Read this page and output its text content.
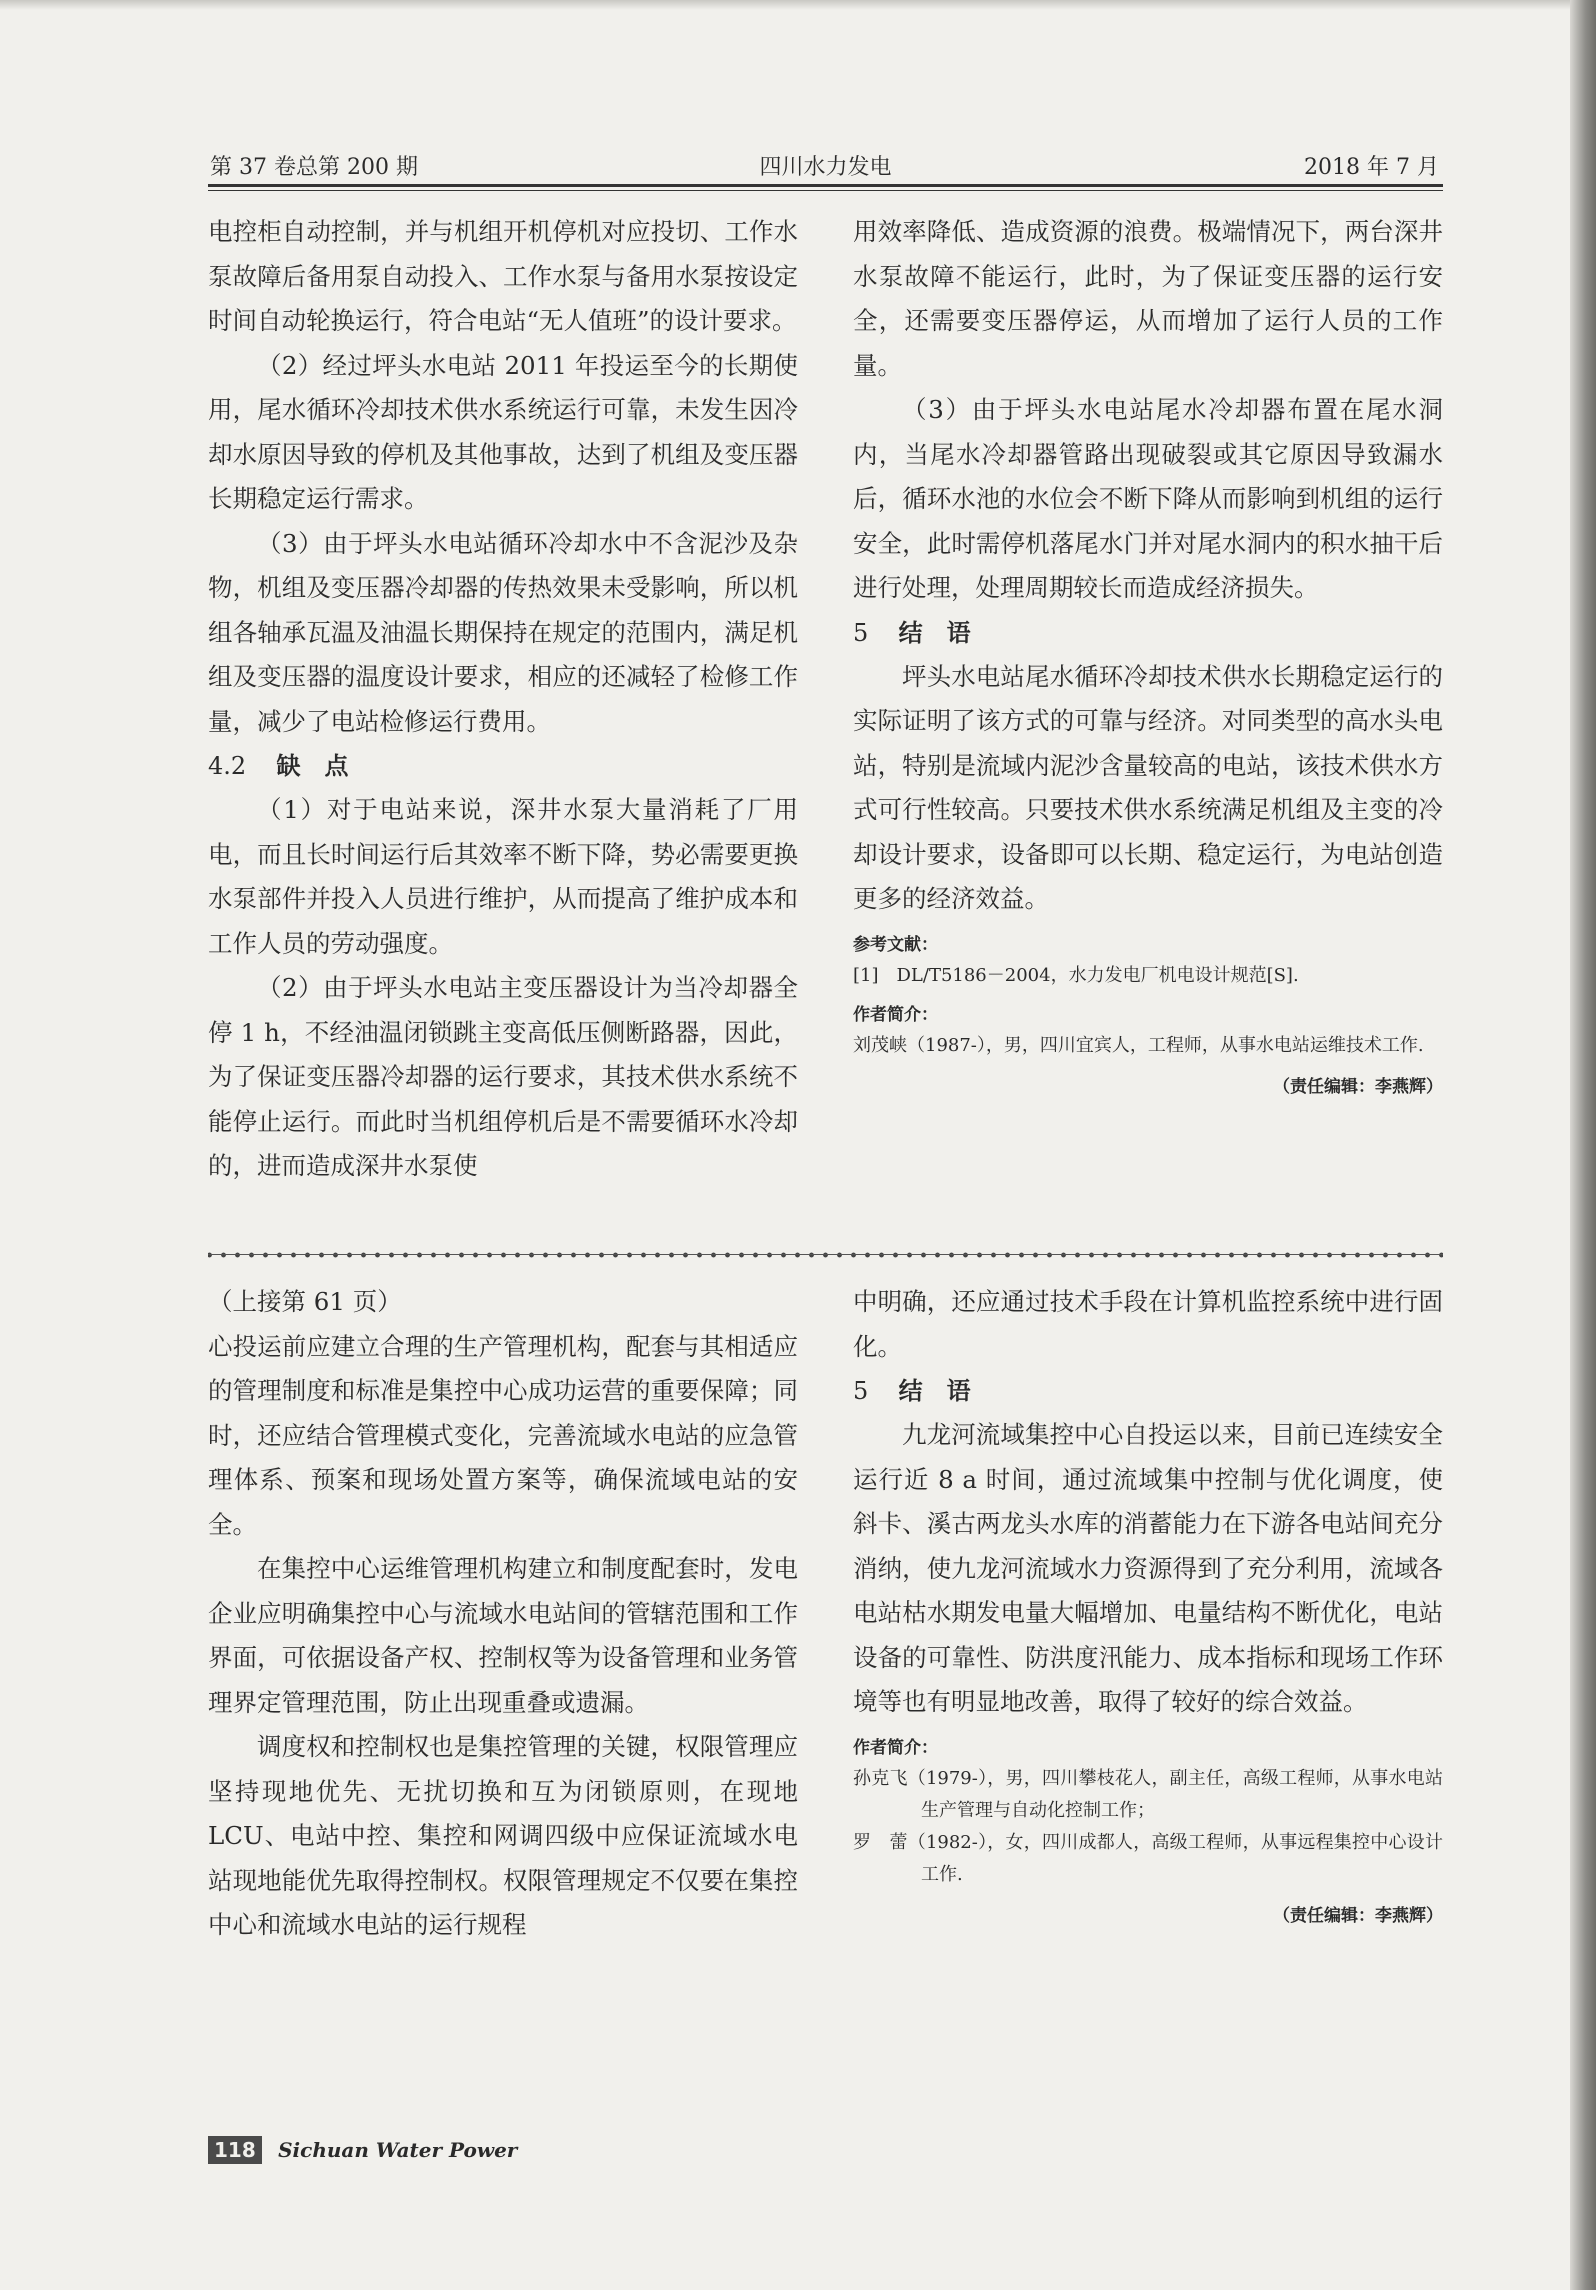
第 37 卷总第 200 期	四川水力发电	2018 年 7 月

电控柜自动控制，并与机组开机停机对应投切、工作水泵故障后备用泵自动投入、工作水泵与备用水泵按设定时间自动轮换运行，符合电站“无人值班”的设计要求。

（2）经过坪头水电站 2011 年投运至今的长期使用，尾水循环冷却技术供水系统运行可靠，未发生因冷却水原因导致的停机及其他事故，达到了机组及变压器长期稳定运行需求。

（3）由于坪头水电站循环冷却水中不含泥沙及杂物，机组及变压器冷却器的传热效果未受影响，所以机组各轴承瓦温及油温长期保持在规定的范围内，满足机组及变压器的温度设计要求，相应的还减轻了检修工作量，减少了电站检修运行费用。

4.2 缺　点

（1）对于电站来说，深井水泵大量消耗了厂用电，而且长时间运行后其效率不断下降，势必需要更换水泵部件并投入人员进行维护，从而提高了维护成本和工作人员的劳动强度。

（2）由于坪头水电站主变压器设计为当冷却器全停 1 h，不经油温闭锁跳主变高低压侧断路器，因此，为了保证变压器冷却器的运行要求，其技术供水系统不能停止运行。而此时当机组停机后是不需要循环水冷却的，进而造成深井水泵使

用效率降低、造成资源的浪费。极端情况下，两台深井水泵故障不能运行，此时，为了保证变压器的运行安全，还需要变压器停运，从而增加了运行人员的工作量。

（3）由于坪头水电站尾水冷却器布置在尾水洞内，当尾水冷却器管路出现破裂或其它原因导致漏水后，循环水池的水位会不断下降从而影响到机组的运行安全，此时需停机落尾水门并对尾水洞内的积水抽干后进行处理，处理周期较长而造成经济损失。

5 结　语

坪头水电站尾水循环冷却技术供水长期稳定运行的实际证明了该方式的可靠与经济。对同类型的高水头电站，特别是流域内泥沙含量较高的电站，该技术供水方式可行性较高。只要技术供水系统满足机组及主变的冷却设计要求，设备即可以长期、稳定运行，为电站创造更多的经济效益。

参考文献：

[1]　DL/T5186－2004，水力发电厂机电设计规范[S].

作者简介：

刘茂峡（1987-），男，四川宜宾人，工程师，从事水电站运维技术工作.

（责任编辑：李燕辉）

（上接第 61 页）

心投运前应建立合理的生产管理机构，配套与其相适应的管理制度和标准是集控中心成功运营的重要保障；同时，还应结合管理模式变化，完善流域水电站的应急管理体系、预案和现场处置方案等，确保流域电站的安全。

在集控中心运维管理机构建立和制度配套时，发电企业应明确集控中心与流域水电站间的管辖范围和工作界面，可依据设备产权、控制权等为设备管理和业务管理界定管理范围，防止出现重叠或遗漏。

调度权和控制权也是集控管理的关键，权限管理应坚持现地优先、无扰切换和互为闭锁原则，在现地 LCU、电站中控、集控和网调四级中应保证流域水电站现地能优先取得控制权。权限管理规定不仅要在集控中心和流域水电站的运行规程

中明确，还应通过技术手段在计算机监控系统中进行固化。

5 结　语

九龙河流域集控中心自投运以来，目前已连续安全运行近 8 a 时间，通过流域集中控制与优化调度，使斜卡、溪古两龙头水库的消蓄能力在下游各电站间充分消纳，使九龙河流域水力资源得到了充分利用，流域各电站枯水期发电量大幅增加、电量结构不断优化，电站设备的可靠性、防洪度汛能力、成本指标和现场工作环境等也有明显地改善，取得了较好的综合效益。

作者简介：

孙克飞（1979-），男，四川攀枝花人，副主任，高级工程师，从事水电站生产管理与自动化控制工作；

罗　蕾（1982-），女，四川成都人，高级工程师，从事远程集控中心设计工作.

（责任编辑：李燕辉）
118 Sichuan Water Power
